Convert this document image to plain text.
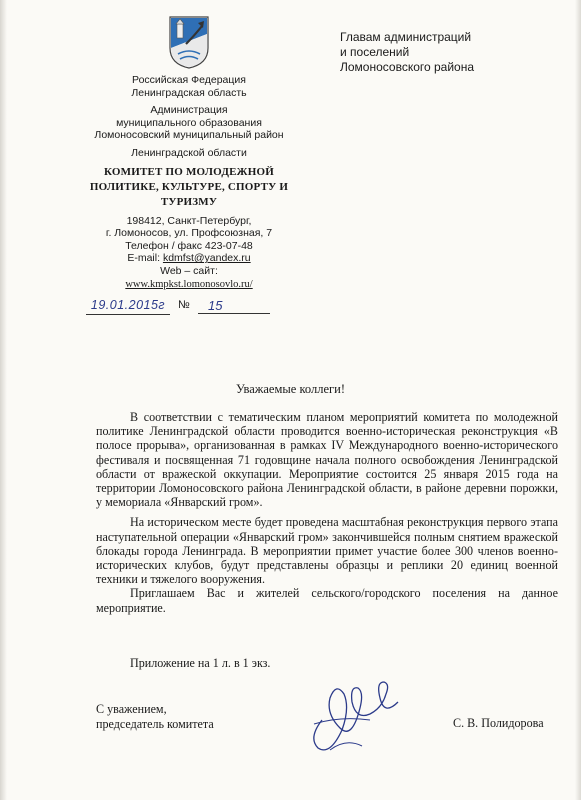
Российская Федерация
Ленинградская область
Администрация
муниципального образования
Ломоносовский муниципальный район
Ленинградской области
КОМИТЕТ ПО МОЛОДЕЖНОЙ
ПОЛИТИКЕ, КУЛЬТУРЕ, СПОРТУ И
ТУРИЗМУ
198412, Санкт-Петербург,
г. Ломоносов, ул. Профсоюзная, 7
Телефон / факс 423-07-48
E-mail: kdmfst@yandex.ru
Web – сайт:
www.kmpkst.lomonosovlo.ru/
Главам администраций
и поселений
Ломоносовского района
19.01.2015г	№	15
Уважаемые коллеги!

В соответствии с тематическим планом мероприятий комитета по молодежной политике Ленинградской области проводится военно-историческая реконструкция «В полосе прорыва», организованная в рамках IV Международного военно-исторического фестиваля и посвященная 71 годовщине начала полного освобождения Ленинградской области от вражеской оккупации. Мероприятие состоится 25 января 2015 года на территории Ломоносовского района Ленинградской области, в районе деревни порожки, у мемориала «Январский гром».

На историческом месте будет проведена масштабная реконструкция первого этапа наступательной операции «Январский гром» закончившейся полным снятием вражеской блокады города Ленинграда. В мероприятии примет участие более 300 членов военно-исторических клубов, будут представлены образцы и реплики 20 единиц военной техники и тяжелого вооружения.

Приглашаем Вас и жителей сельского/городского поселения на данное мероприятие.

Приложение на 1 л. в 1 экз.
С уважением,
председатель комитета	С. В. Полидорова
